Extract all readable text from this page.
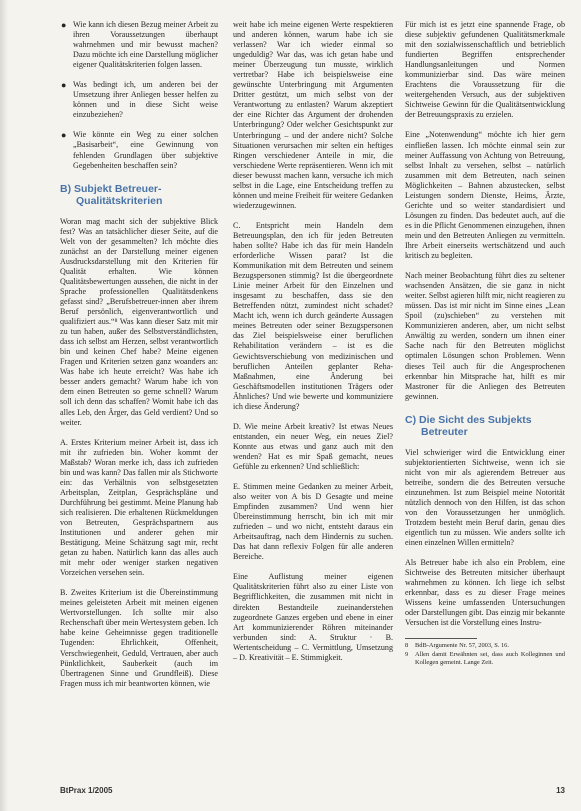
● Wie kann ich diesen Bezug meiner Arbeit zu ihren Voraussetzungen überhaupt wahrnehmen und mir bewusst machen? Dazu möchte ich eine Darstellung möglicher eigener Qualitätskriterien folgen lassen.
● Was bedingt ich, um anderen bei der Umsetzung ihrer Anliegen besser helfen zu können und in diese Sicht weise einzubeziehen?
● Wie könnte ein Weg zu einer solchen „Basisarbeit“, eine Gewinnung von fehlenden Grundlagen über subjektive Gegebenheiten beschaffen sein?
B) Subjekt Betreuer-
Qualitätskriterien

Woran mag macht sich der subjektive Blick fest? Was an tatsächlicher dieser Seite, auf die Welt von der gesammelten? Ich möchte dies zunächst an der Darstellung meiner eigenen Ausdrucksdarstellung mit den Kriterien für Qualität erhalten. Wie können Qualitätsbewertungen aussehen, die nicht in der Sprache professionellen Qualitätsdenkens gefasst sind? „Berufsbetreuer-innen aber ihrem Beruf persönlich, eigenverantwortlich und qualifiziert aus.“⁸ Was kann dieser Satz mit mir zu tun haben, außer des Selbstverständlichsten, dass ich selbst am Herzen, selbst verantwortlich bin und keinen Chef habe? Meine eigenen Fragen und Kriterien setzen ganz woanders an: Was habe ich heute erreicht? Was habe ich besser anders gemacht? Warum habe ich von dem einen Betreuten so gerne schnell? Warum soll ich denn das schaffen? Womit habe ich das alles Leb, den Ärger, das Geld verdient? Und so weiter.

A. Erstes Kriterium meiner Arbeit ist, dass ich mit ihr zufrieden bin. Woher kommt der Maßstab? Woran merke ich, dass ich zufrieden bin und was kann? Das fallen mir als Stichworte ein: das Verhältnis von selbstgesetzten Arbeitsplan, Zeitplan, Gesprächspläne und Durchführung bei gestimmt. Meine Planung hab sich realisieren. Die erhaltenen Rückmeldungen von Betreuten, Gesprächspartnern aus Institutionen und anderer gehen mir Bestätigung. Meine Schätzung sagt mir, recht getan zu haben. Natürlich kann das alles auch mit mehr oder weniger starken negativen Vorzeichen versehen sein.

B. Zweites Kriterium ist die Übereinstimmung meines geleisteten Arbeit mit meinen eigenen Wertvorstellungen. Ich sollte mir also Rechenschaft über mein Wertesystem geben. Ich habe keine Geheimnisse gegen traditionelle Tugenden: Ehrlichkeit, Offenheit, Verschwiegenheit, Geduld, Vertrauen, aber auch Pünktlichkeit, Sauberkeit (auch im Übertragenen Sinne und Grundfleiß). Diese Fragen muss ich mir beantworten können, wie

weit habe ich meine eigenen Werte respektieren und anderen können, warum habe ich sie verlassen? War ich wieder einmal so ungeduldig? War das, was ich getan habe und meiner Überzeugung tun musste, wirklich vertretbar? Habe ich beispielsweise eine gewünschte Unterbringung mit Argumenten Dritter gestützt, um mich selbst von der Verantwortung zu entlasten? Warum akzeptiert der eine Richter das Argument der drohenden Unterbringung? Oder welcher Gesichtspunkt zur Unterbringung – und der andere nicht? Solche Situationen verursachen mir selten ein heftiges Ringen verschiedener Anteile in mir, die verschiedene Werte repräsentieren. Wenn ich mit dieser bewusst machen kann, versuche ich mich selbst in die Lage, eine Entscheidung treffen zu können und meine Freiheit für weitere Gedanken wiederzugewinnen.

C. Entspricht mein Handeln dem Betreuungsplan, den ich für jeden Betreuten haben sollte? Habe ich das für mein Handeln erforderliche Wissen parat? Ist die Kommunikation mit dem Betreuten und seinem Bezugspersonen stimmig? Ist die übergeordnete Linie meiner Arbeit für den Einzelnen und insgesamt zu beschaffen, dass sie den Betreffenden nützt, zumindest nicht schadet? Macht ich, wenn ich durch geänderte Aussagen meines Betreuten oder seiner Bezugspersonen das Ziel beispielsweise einer beruflichen Rehabilitation verändern – ist es die Gewichtsverschiebung von medizinischen und beruflichen Anteilen geplanter Reha-Maßnahmen, eine Änderung bei Geschäftsmodellen institutionen Trägers oder Ähnliches? Und wie bewerte und kommuniziere ich diese Änderung?

D. Wie meine Arbeit kreativ? Ist etwas Neues entstanden, ein neuer Weg, ein neues Ziel? Konnte aus etwas und ganz auch mit den wenden? Hat es mir Spaß gemacht, neues Gefühle zu erkennen? Und schließlich:

E. Stimmen meine Gedanken zu meiner Arbeit, also weiter von A bis D Gesagte und meine Empfinden zusammen? Und wenn hier Übereinstimmung herrscht, bin ich mit mir zufrieden – und wo nicht, entsteht daraus ein Arbeitsauftrag, nach dem Hindernis zu suchen. Das hat dann reflexiv Folgen für alle anderen Bereiche.

Eine Auflistung meiner eigenen Qualitätskriterien führt also zu einer Liste von Begrifflichkeiten, die zusammen mit nicht in direkten Bestandteile zueinanderstehen zugeordnete Ganzes ergeben und ebene in einer Art kommunizierender Röhren miteinander verbunden sind: A. Struktur · B. Wertentscheidung – C. Vermittlung, Umsetzung – D. Kreativität – E. Stimmigkeit.

Für mich ist es jetzt eine spannende Frage, ob diese subjektiv gefundenen Qualitätsmerkmale mit den sozialwissenschaftlich und betrieblich fundierten Begriffen entsprechender Handlungsanleitungen und Normen kommunizierbar sind. Das wäre meinen Erachtens die Voraussetzung für die weitergehenden Versuch, aus der subjektiven Sichtweise Gewinn für die Qualitätsentwicklung der Betreuungspraxis zu erzielen.

Eine „Notenwendung“ möchte ich hier gern einfließen lassen. Ich möchte einmal sein zur meiner Auffassung von Achtung von Betreuung, selbst Inhalt zu versehen, selbst – natürlich zusammen mit dem Betreuten, nach seinen Möglichkeiten – Bahnen abzustecken, selbst Leistungen sondern Dienste, Heims, Ärzte, Gerichte und so weiter standardisiert und Lösungen zu finden. Das bedeutet auch, auf die es in die Pflicht Genommenen einzugehen, ihnen mein und den Betreuten Anliegen zu vermitteln. Ihre Arbeit einerseits wertschätzend und auch kritisch zu begleiten.

Nach meiner Beobachtung führt dies zu seltener wachsenden Ansätzen, die sie ganz in nicht weiter. Selbst agieren hilft mir, nicht reagieren zu müssen. Das ist mir nicht im Sinne eines „Lean Spoil (zu)schieben“ zu verstehen mit Kommunizieren anderen, aber, um nicht selbst Anwältig zu werden, sondern um ihnen einer Sache nach für den Betreuten möglichst optimalen Lösungen schon Problemen. Wenn dieses Teil auch für die Angesprochenen erkennbar hin Mitsprache hat, hilft es mir Mastroner für die Anliegen des Betreuten gewinnen.

C) Die Sicht des Subjekts
Betreuter

Viel schwieriger wird die Entwicklung einer subjektorientierten Sichtweise, wenn ich sie nicht von mir als agierendem Betreuer aus betreibe, sondern die des Betreuten versuche einzunehmen. Ist zum Beispiel meine Notorität nützlich dennoch von den Hilfen, ist das schon von den Voraussetzungen her unmöglich. Trotzdem besteht mein Beruf darin, genau dies eigentlich tun zu müssen. Wie anders sollte ich einen einzelnen Willen ermitteln?

Als Betreuer habe ich also ein Problem, eine Sichtweise des Betreuten mitsicher überhaupt wahrnehmen zu können. Ich liege ich selbst erkennbar, dass es zu dieser Frage meines Wissens keine umfassenden Untersuchungen oder Darstellungen gibt. Das einzig mir bekannte Versuchen ist die Vorstellung eines Instru-

8	BdB-Argumente Nr. 57, 2003, S. 16.
9	Allen damit Erwähnten sei, dass auch Kolleginnen und Kollegen gemeint. Lange Zeit.
BtPrax 1/2005	13
